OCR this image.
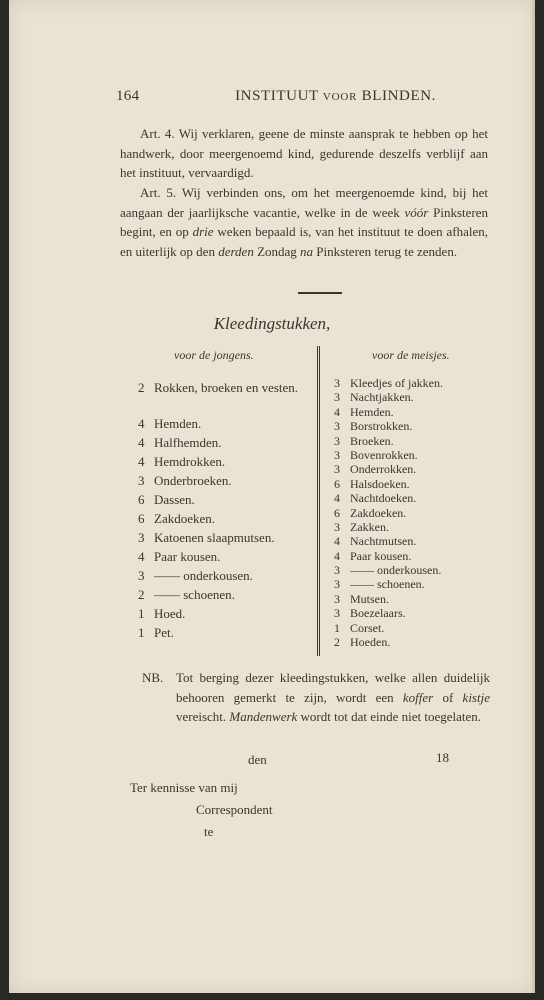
164	INSTITUUT VOOR BLINDEN.
Art. 4. Wij verklaren, geene de minste aansprak te hebben op het handwerk, door meergenoemd kind, gedurende deszelfs verblijf aan het instituut, vervaardigd.
Art. 5. Wij verbinden ons, om het meergenoemde kind, bij het aangaan der jaarlijksche vacantie, welke in de week vóór Pinksteren begint, en op drie weken bepaald is, van het instituut te doen afhalen, en uiterlijk op den derden Zondag na Pinksteren terug te zenden.
Kleedingstukken,
voor de jongens.	voor de meisjes.
2 Rokken, broeken en vesten.
4 Hemden.
4 Halfhemden.
4 Hemdrokken.
3 Onderbroeken.
6 Dassen.
6 Zakdoeken.
3 Katoenen slaapmutsen.
4 Paar kousen.
3 —— onderkousen.
2 —— schoenen.
1 Hoed.
1 Pet.
3 Kleedjes of jakken.
3 Nachtjakken.
4 Hemden.
3 Borstrokken.
3 Broeken.
3 Bovenrokken.
3 Onderrokken.
6 Halsdoeken.
4 Nachtdoeken.
6 Zakdoeken.
3 Zakken.
4 Nachtmutsen.
4 Paar kousen.
3 —— onderkousen.
3 —— schoenen.
3 Mutsen.
3 Boezelaars.
1 Corset.
2 Hoeden.
NB. Tot berging dezer kleedingstukken, welke allen duidelijk behooren gemerkt te zijn, wordt een koffer of kistje vereischt. Mandenwerk wordt tot dat einde niet toegelaten.
den	18
Ter kennisse van mij
Correspondent
te
